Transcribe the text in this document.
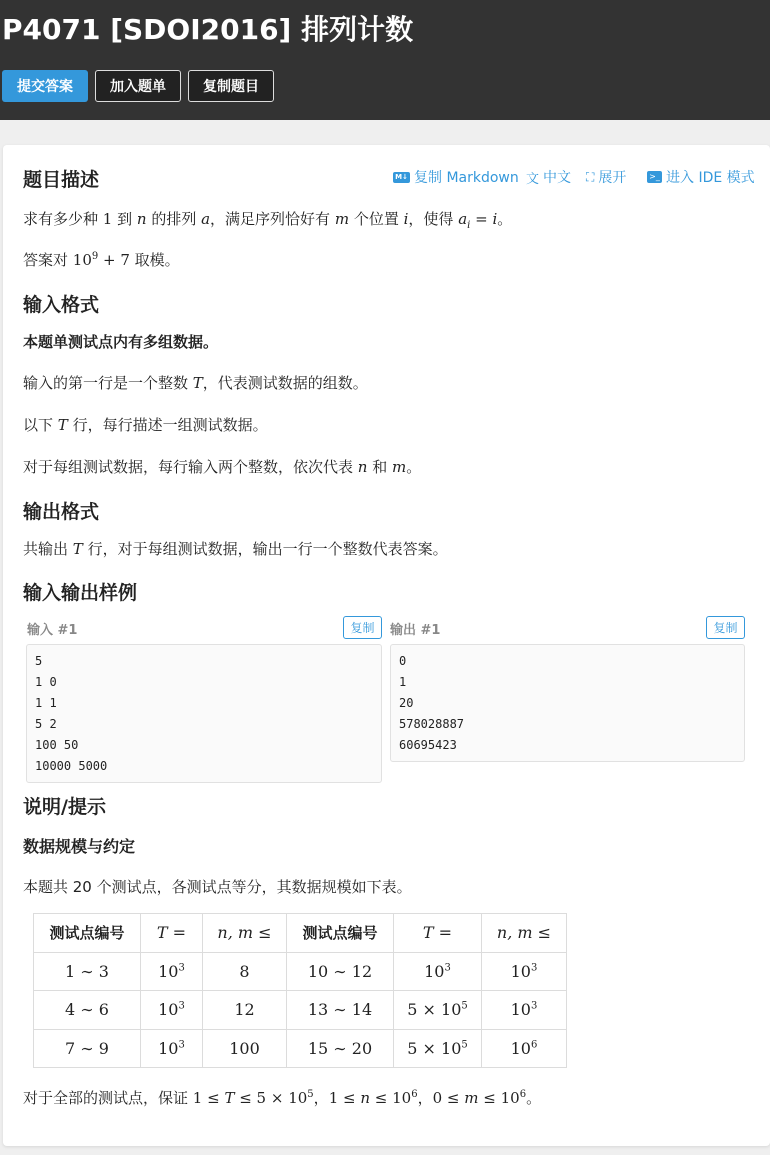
P4071 [SDOI2016] 排列计数
提交答案	加入题单	复制题目
题目描述	M↓ 复制 Markdown 文 中文 ⛶ 展开	>_ 进入 IDE 模式
求有多少种 1 到 n 的排列 a，满足序列恰好有 m 个位置 i，使得 $a_i = i$。
答案对 $10^9 + 7$ 取模。
输入格式
本题单测试点内有多组数据。
输入的第一行是一个整数 T，代表测试数据的组数。
以下 T 行，每行描述一组测试数据。
对于每组测试数据，每行输入两个整数，依次代表 n 和 m。
输出格式
共输出 T 行，对于每组测试数据，输出一行一个整数代表答案。
输入输出样例
输入 #1	复制
5
1 0
1 1
5 2
100 50
10000 5000
输出 #1	复制
0
1
20
578028887
60695423
说明/提示
数据规模与约定
本题共 20 个测试点，各测试点等分，其数据规模如下表。
测试点编号	T =	n, m ≤	测试点编号	T =	n, m ≤
1 ∼ 3	$10^3$	8	10 ∼ 12	$10^3$	$10^3$
4 ∼ 6	$10^3$	12	13 ∼ 14	$5 \times 10^5$	$10^3$
7 ∼ 9	$10^3$	100	15 ∼ 20	$5 \times 10^5$	$10^6$
对于全部的测试点，保证 $1 \le T \le 5 \times 10^5$，$1 \le n \le 10^6$，$0 \le m \le 10^6$。
